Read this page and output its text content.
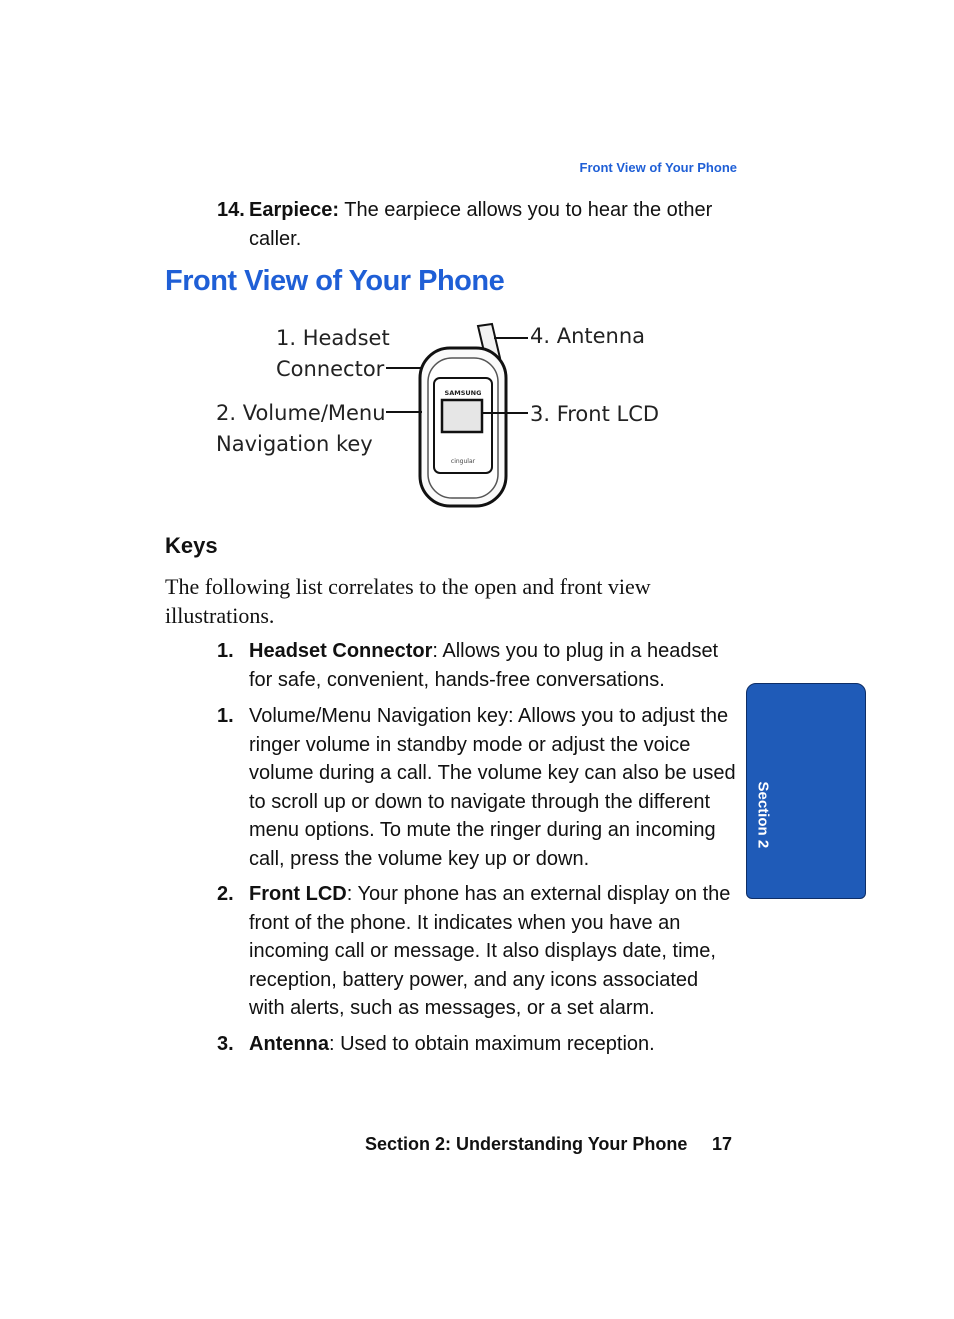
Front View of Your Phone
14. Earpiece: The earpiece allows you to hear the other caller.
Front View of Your Phone
SAMSUNG
cingular
1. Headset
Connector
2. Volume/Menu
Navigation key
4. Antenna
3. Front LCD
Keys
The following list correlates to the open and front view illustrations.
1. Headset Connector: Allows you to plug in a headset for safe, convenient, hands-free conversations.
1. Volume/Menu Navigation key: Allows you to adjust the ringer volume in standby mode or adjust the voice volume during a call. The volume key can also be used to scroll up or down to navigate through the different menu options. To mute the ringer during an incoming call, press the volume key up or down.
2. Front LCD: Your phone has an external display on the front of the phone. It indicates when you have an incoming call or message. It also displays date, time, reception, battery power, and any icons associated with alerts, such as messages, or a set alarm.
3. Antenna: Used to obtain maximum reception.
Section 2
Section 2: Understanding Your Phone 17
